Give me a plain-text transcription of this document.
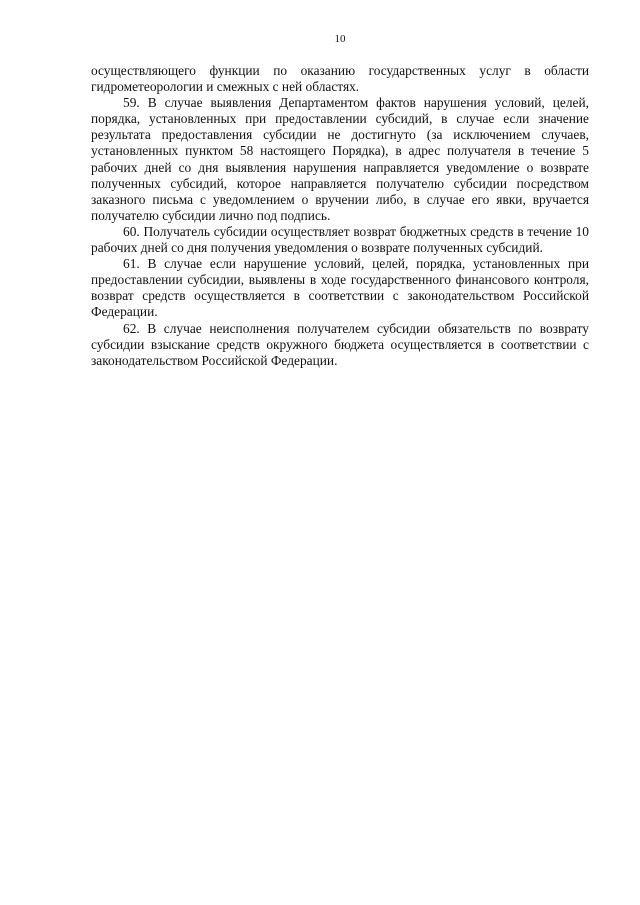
10

осуществляющего функции по оказанию государственных услуг в области гидрометеорологии и смежных с ней областях.

59. В случае выявления Департаментом фактов нарушения условий, целей, порядка, установленных при предоставлении субсидий, в случае если значение результата предоставления субсидии не достигнуто (за исключением случаев, установленных пунктом 58 настоящего Порядка), в адрес получателя в течение 5 рабочих дней со дня выявления нарушения направляется уведомление о возврате полученных субсидий, которое направляется получателю субсидии посредством заказного письма с уведомлением о вручении либо, в случае его явки, вручается получателю субсидии лично под подпись.

60. Получатель субсидии осуществляет возврат бюджетных средств в течение 10 рабочих дней со дня получения уведомления о возврате полученных субсидий.

61. В случае если нарушение условий, целей, порядка, установленных при предоставлении субсидии, выявлены в ходе государственного финансового контроля, возврат средств осуществляется в соответствии с законодательством Российской Федерации.

62. В случае неисполнения получателем субсидии обязательств по возврату субсидии взыскание средств окружного бюджета осуществляется в соответствии с законодательством Российской Федерации.
